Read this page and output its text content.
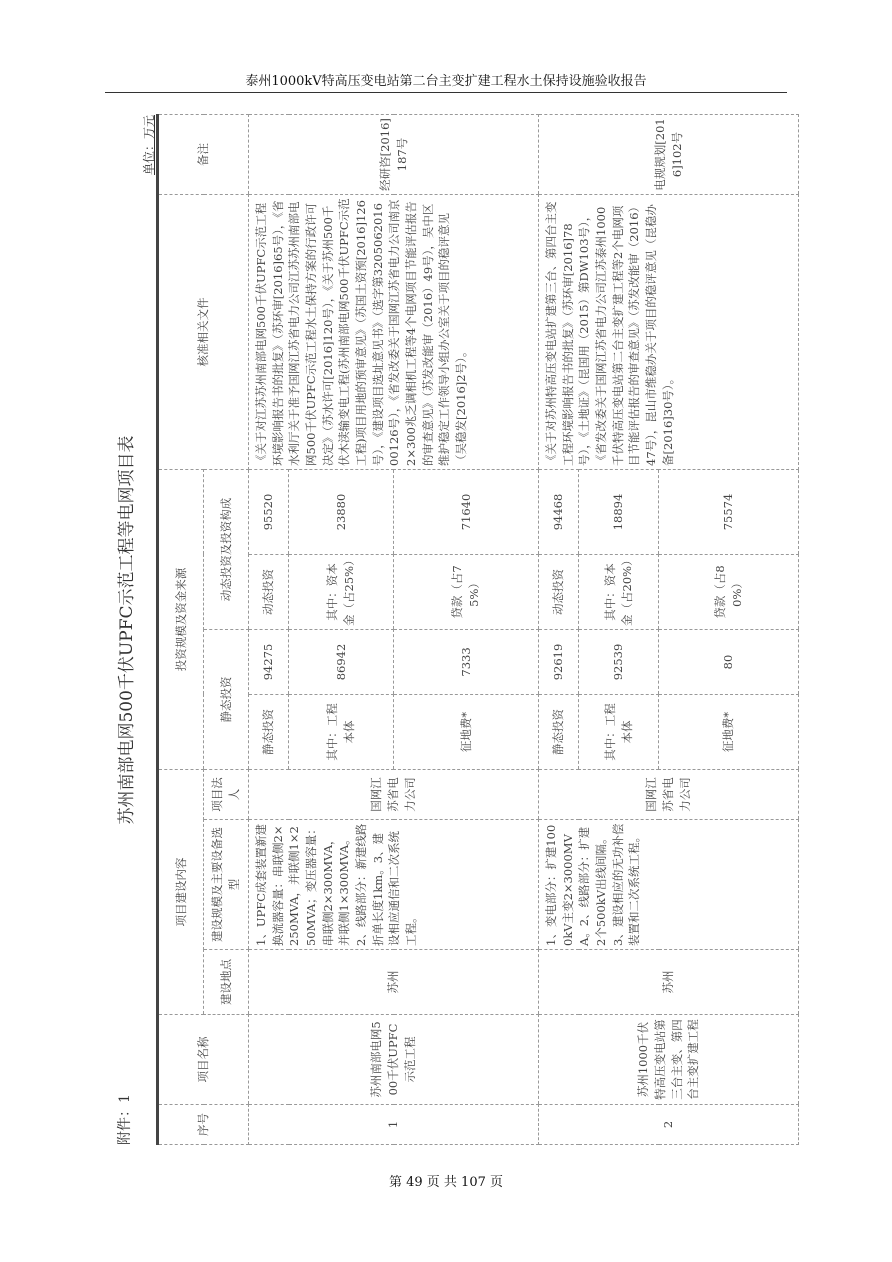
泰州1000kV特高压变电站第二台主变扩建工程水土保持设施验收报告
苏州南部电网500千伏UPFC示范工程等电网项目表
附件：1
单位：万元
序号	项目名称	项目建设内容			投资规模及资金来源				核准相关文件	备注
		建设地点	建设规模及主要设备选型	项目法人	静态投资		动态投资及投资构成			
1	苏州南部电网500千伏UPFC示范工程	苏州	1、UPFC成套装置新建换流器容量：串联侧2×250MVA，并联侧1×250MVA；变压器容量：串联侧2×300MVA，并联侧1×300MVA。2、线路部分：新建线路折单长度1km。3、建设相应通信和二次系统工程。	国网江苏省电力公司	静态投资	94275	动态投资	95520	《关于对江苏苏州南部电网500千伏UPFC示范工程环境影响报告书的批复》（苏环审[2016]65号），《省水利厅关于准予国网江苏省电力公司江苏苏州南部电网500千伏UPFC示范工程水土保持方案的行政许可决定》（苏水许可[2016]120号），《关于苏州500千伏木渎输变电工程(苏州南部电网500千伏UPFC示范工程)项目用地的预审意见》（苏国土资预[2016]126号），《建设项目选址意见书》（选字第320506201600126号），《省发改委关于国网江苏省电力公司南京2×300兆乏调相机工程等4个电网项目节能评估报告的审查意见》（苏发改能审（2016）49号），吴中区维护稳定工作领导小组办公室关于项目的稳评意见（吴稳发[2016]2号）。	经研咨[2016]187号
					其中：工程本体	86942	其中：资本金（占25%）	23880		
					征地费*	7333	贷款（占75%）	71640		
2	苏州1000千伏特高压变电站第三台主变、第四台主变扩建工程	苏州	1、变电部分：扩建1000kV主变2×3000MVA。2、线路部分：扩建2个500kV出线间隔。3、建设相应的无功补偿装置和二次系统工程。	国网江苏省电力公司	静态投资	92619	动态投资	94468	《关于对苏州特高压变电站扩建第三台、第四台主变工程环境影响报告书的批复》（苏环审[2016]78号），《土地证》（昆国用（2015）第DW103号），《省发改委关于国网江苏省电力公司江苏泰州1000千伏特高压变电站第二台主变扩建工程等2个电网项目节能评估报告的审查意见》（苏发改能审（2016）47号），昆山市维稳办关于项目的稳评意见（昆稳办备[2016]30号）。	电规规划[2016]102号
					其中：工程本体	92539	其中：资本金（占20%）	18894		
					征地费*	80	贷款（占80%）	75574		
第 49 页 共 107 页
